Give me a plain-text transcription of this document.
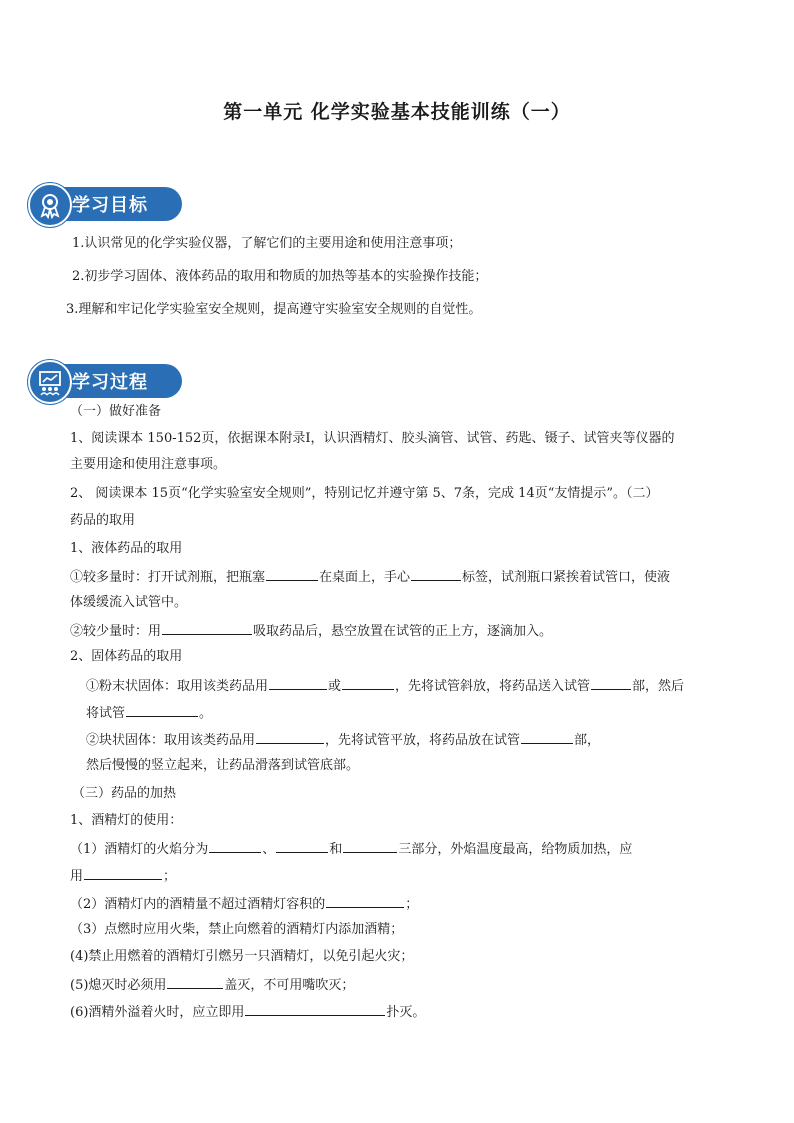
第一单元 化学实验基本技能训练（一）
学习目标
1.认识常见的化学实验仪器，了解它们的主要用途和使用注意事项；
2.初步学习固体、液体药品的取用和物质的加热等基本的实验操作技能；
3.理解和牢记化学实验室安全规则，提高遵守实验室安全规则的自觉性。
学习过程
（一）做好准备
1、阅读课本 150-152页，依据课本附录Ⅰ，认识酒精灯、胶头滴管、试管、药匙、镊子、试管夹等仪器的
主要用途和使用注意事项。
2、 阅读课本 15页“化学实验室安全规则”，特别记忆并遵守第 5、7条，完成 14页“友情提示”。（二）
药品的取用
1、液体药品的取用
①较多量时：打开试剂瓶，把瓶塞	在桌面上，手心	标签，试剂瓶口紧挨着试管口，使液
体缓缓流入试管中。
②较少量时：用	吸取药品后，悬空放置在试管的正上方，逐滴加入。
2、固体药品的取用
①粉末状固体：取用该类药品用	或	，先将试管斜放，将药品送入试管	部，然后
将试管	。
②块状固体：取用该类药品用	，先将试管平放，将药品放在试管	部，
然后慢慢的竖立起来，让药品滑落到试管底部。
（三）药品的加热
1、酒精灯的使用：
（1）酒精灯的火焰分为	、	和	三部分，外焰温度最高，给物质加热，应
用	；
（2）酒精灯内的酒精量不超过酒精灯容积的	；
（3）点燃时应用火柴，禁止向燃着的酒精灯内添加酒精；
(4)禁止用燃着的酒精灯引燃另一只酒精灯，以免引起火灾；
(5)熄灭时必须用	盖灭，不可用嘴吹灭；
(6)酒精外溢着火时，应立即用	扑灭。
